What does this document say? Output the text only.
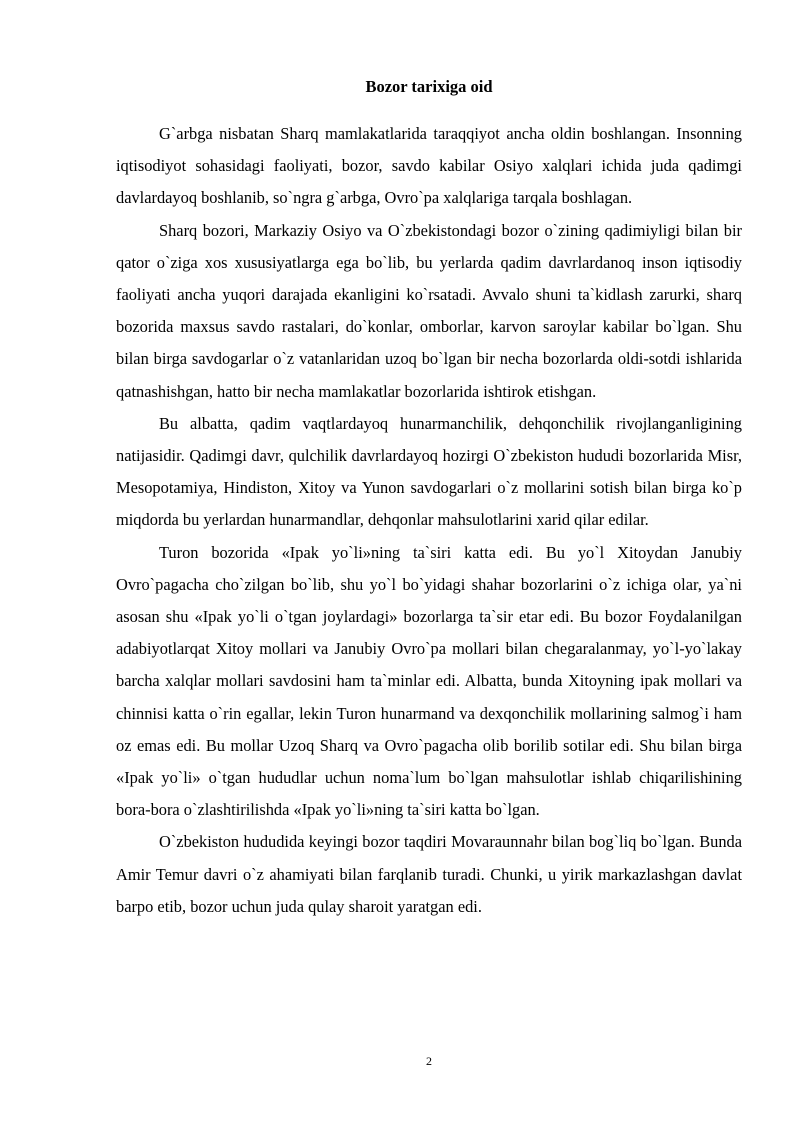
Bozor tarixiga oid

G`arbga nisbatan Sharq mamlakatlarida taraqqiyot ancha oldin boshlangan. Insonning iqtisodiyot sohasidagi faoliyati, bozor, savdo kabilar Osiyo xalqlari ichida juda qadimgi davlardayoq boshlanib, so`ngra g`arbga, Ovro`pa xalqlariga tarqala boshlagan.

Sharq bozori, Markaziy Osiyo va O`zbekistondagi bozor o`zining qadimiyligi bilan bir qator o`ziga xos xususiyatlarga ega bo`lib, bu yerlarda qadim davrlardanoq inson iqtisodiy faoliyati ancha yuqori darajada ekanligini ko`rsatadi. Avvalo shuni ta`kidlash zarurki, sharq bozorida maxsus savdo rastalari, do`konlar, omborlar, karvon saroylar kabilar bo`lgan. Shu bilan birga savdogarlar o`z vatanlaridan uzoq bo`lgan bir necha bozorlarda oldi-sotdi ishlarida qatnashishgan, hatto bir necha mamlakatlar bozorlarida ishtirok etishgan.

Bu albatta, qadim vaqtlardayoq hunarmanchilik, dehqonchilik rivojlanganligining natijasidir. Qadimgi davr, qulchilik davrlardayoq hozirgi O`zbekiston hududi bozorlarida Misr, Mesopotamiya, Hindiston, Xitoy va Yunon savdogarlari o`z mollarini sotish bilan birga ko`p miqdorda bu yerlardan hunarmandlar, dehqonlar mahsulotlarini xarid qilar edilar.

Turon bozorida «Ipak yo`li»ning ta`siri katta edi. Bu yo`l Xitoydan Janubiy Ovro`pagacha cho`zilgan bo`lib, shu yo`l bo`yidagi shahar bozorlarini o`z ichiga olar, ya`ni asosan shu «Ipak yo`li o`tgan joylardagi» bozorlarga ta`sir etar edi. Bu bozor Foydalanilgan adabiyotlarqat Xitoy mollari va Janubiy Ovro`pa mollari bilan chegaralanmay, yo`l-yo`lakay barcha xalqlar mollari savdosini ham ta`minlar edi. Albatta, bunda Xitoyning ipak mollari va chinnisi katta o`rin egallar, lekin Turon hunarmand va dexqonchilik mollarining salmog`i ham oz emas edi. Bu mollar Uzoq Sharq va Ovro`pagacha olib borilib sotilar edi. Shu bilan birga «Ipak yo`li» o`tgan hududlar uchun noma`lum bo`lgan mahsulotlar ishlab chiqarilishining bora-bora o`zlashtirilishda «Ipak yo`li»ning ta`siri katta bo`lgan.

O`zbekiston hududida keyingi bozor taqdiri Movaraunnahr bilan bog`liq bo`lgan. Bunda Amir Temur davri o`z ahamiyati bilan farqlanib turadi. Chunki, u yirik markazlashgan davlat barpo etib, bozor uchun juda qulay sharoit yaratgan edi.

2
